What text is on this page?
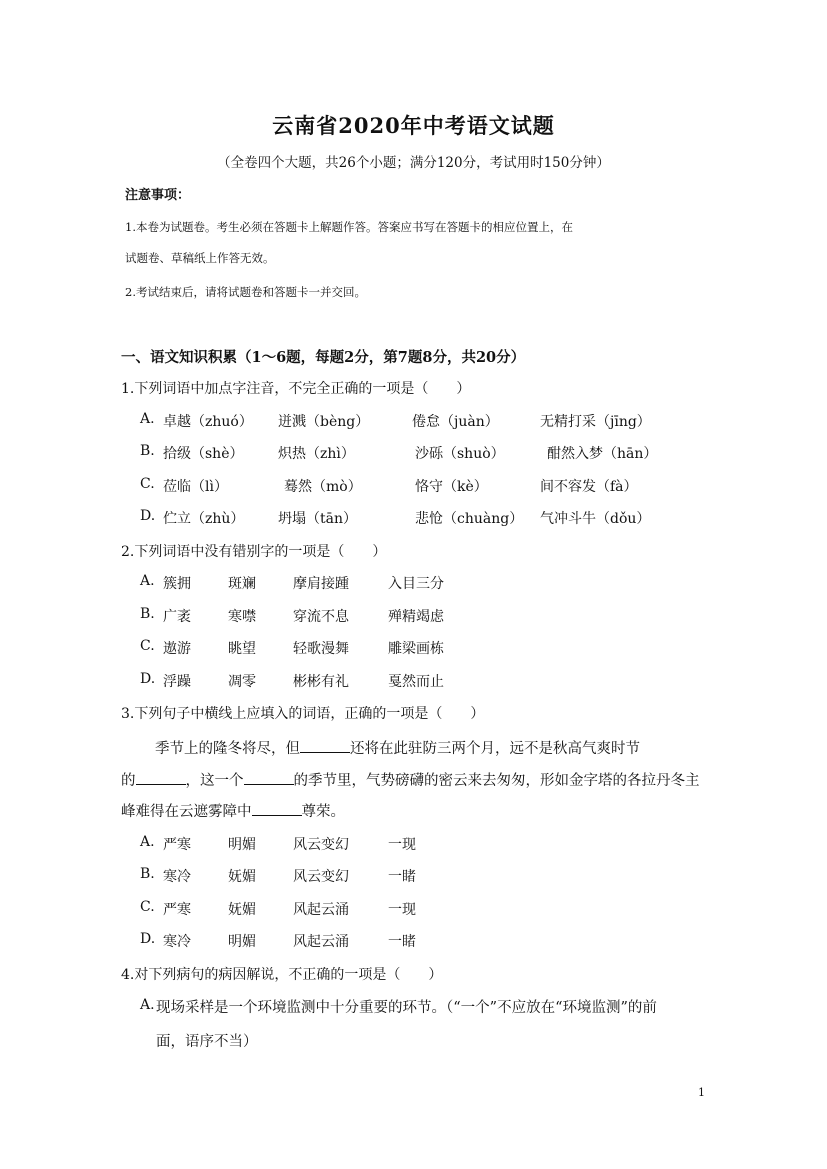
云南省2020年中考语文试题
（全卷四个大题，共26个小题；满分120分，考试用时150分钟）
注意事项：
1.本卷为试题卷。考生必须在答题卡上解题作答。答案应书写在答题卡的相应位置上，在
试题卷、草稿纸上作答无效。
2.考试结束后，请将试题卷和答题卡一并交回。
一、语文知识积累（1～6题，每题2分，第7题8分，共20分）
1.下列词语中加点字注音，不完全正确的一项是（　　）
A. 卓越（zhuó） 迸溅（bèng）	倦怠（juàn）	无精打采（jīng）
B. 拾级（shè） 炽热（zhì）	沙砾（shuò）	酣然入梦（hān）
C. 莅临（lì）	蓦然（mò）	恪守（kè）	间不容发（fà）
D. 伫立（zhù） 坍塌（tān）	悲怆（chuàng） 气冲斗牛（dǒu）
2.下列词语中没有错别字的一项是（　　）
A. 簇拥	斑斓	摩肩接踵	入目三分
B. 广袤	寒噤	穿流不息	殚精竭虑
C. 遨游	眺望	轻歌漫舞	雕梁画栋
D. 浮躁	凋零	彬彬有礼	戛然而止
3.下列句子中横线上应填入的词语，正确的一项是（　　）
季节上的隆冬将尽，但	还将在此驻防三两个月，远不是秋高气爽时节
的	，这一个	的季节里，气势磅礴的密云来去匆匆，形如金字塔的各拉丹冬主
峰难得在云遮雾障中	尊荣。
A. 严寒	明媚	风云变幻	一现
B. 寒冷	妩媚	风云变幻	一睹
C. 严寒	妩媚	风起云涌	一现
D. 寒冷	明媚	风起云涌	一睹
4.对下列病句的病因解说，不正确的一项是（　　）
A. 现场采样是一个环境监测中十分重要的环节。（“一个”不应放在“环境监测”的前
面，语序不当）
1
